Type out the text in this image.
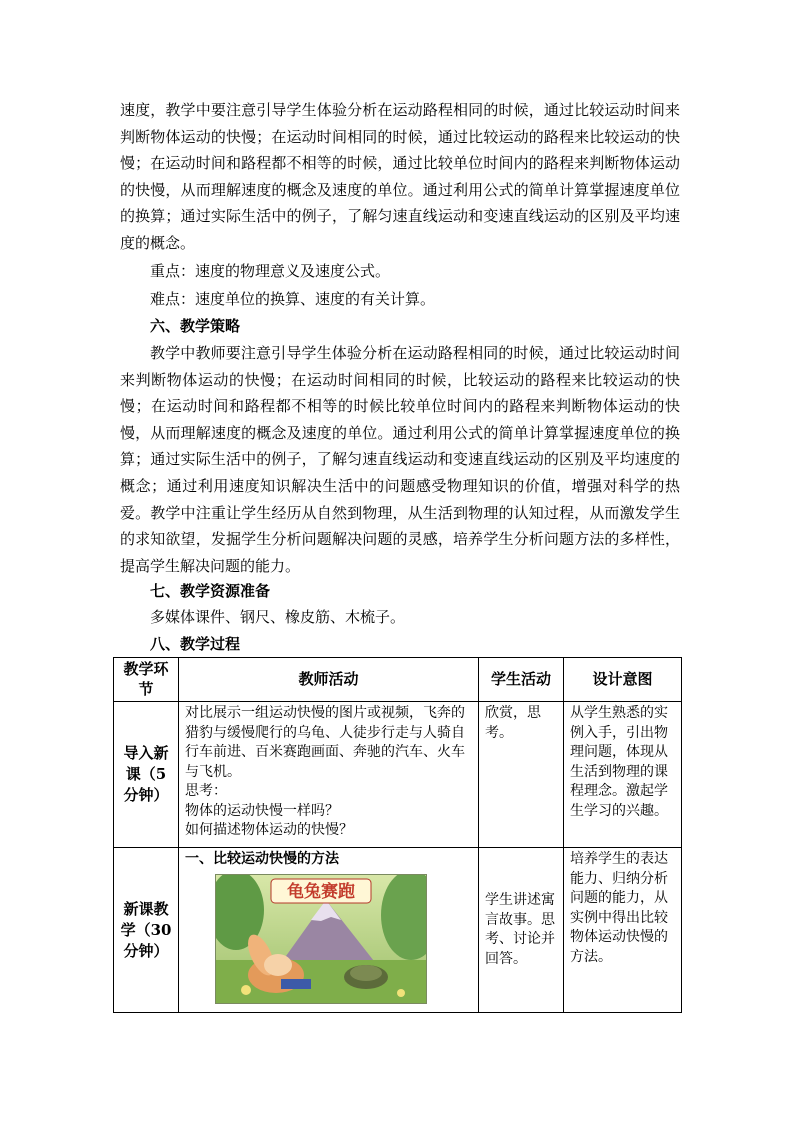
速度，教学中要注意引导学生体验分析在运动路程相同的时候，通过比较运动时间来判断物体运动的快慢；在运动时间相同的时候，通过比较运动的路程来比较运动的快慢；在运动时间和路程都不相等的时候，通过比较单位时间内的路程来判断物体运动的快慢，从而理解速度的概念及速度的单位。通过利用公式的简单计算掌握速度单位的换算；通过实际生活中的例子，了解匀速直线运动和变速直线运动的区别及平均速度的概念。

重点：速度的物理意义及速度公式。

难点：速度单位的换算、速度的有关计算。

六、教学策略

教学中教师要注意引导学生体验分析在运动路程相同的时候，通过比较运动时间来判断物体运动的快慢；在运动时间相同的时候，比较运动的路程来比较运动的快慢；在运动时间和路程都不相等的时候比较单位时间内的路程来判断物体运动的快慢，从而理解速度的概念及速度的单位。通过利用公式的简单计算掌握速度单位的换算；通过实际生活中的例子，了解匀速直线运动和变速直线运动的区别及平均速度的概念；通过利用速度知识解决生活中的问题感受物理知识的价值，增强对科学的热爱。教学中注重让学生经历从自然到物理，从生活到物理的认知过程，从而激发学生的求知欲望，发掘学生分析问题解决问题的灵感，培养学生分析问题方法的多样性，提高学生解决问题的能力。

七、教学资源准备

多媒体课件、钢尺、橡皮筋、木梳子。

八、教学过程

教学环节	教师活动	学生活动	设计意图
导入新课（5分钟）	对比展示一组运动快慢的图片或视频，飞奔的猎豹与缓慢爬行的乌龟、人徒步行走与人骑自行车前进、百米赛跑画面、奔驰的汽车、火车与飞机。
思考：
物体的运动快慢一样吗？
如何描述物体运动的快慢？	欣赏，思考。	从学生熟悉的实例入手，引出物理问题，体现从生活到物理的课程理念。激起学生学习的兴趣。
新课教学（30分钟）	一、比较运动快慢的方法
龟兔赛跑	学生讲述寓言故事。思考、讨论并回答。	培养学生的表达能力、归纳分析问题的能力，从实例中得出比较物体运动快慢的方法。
